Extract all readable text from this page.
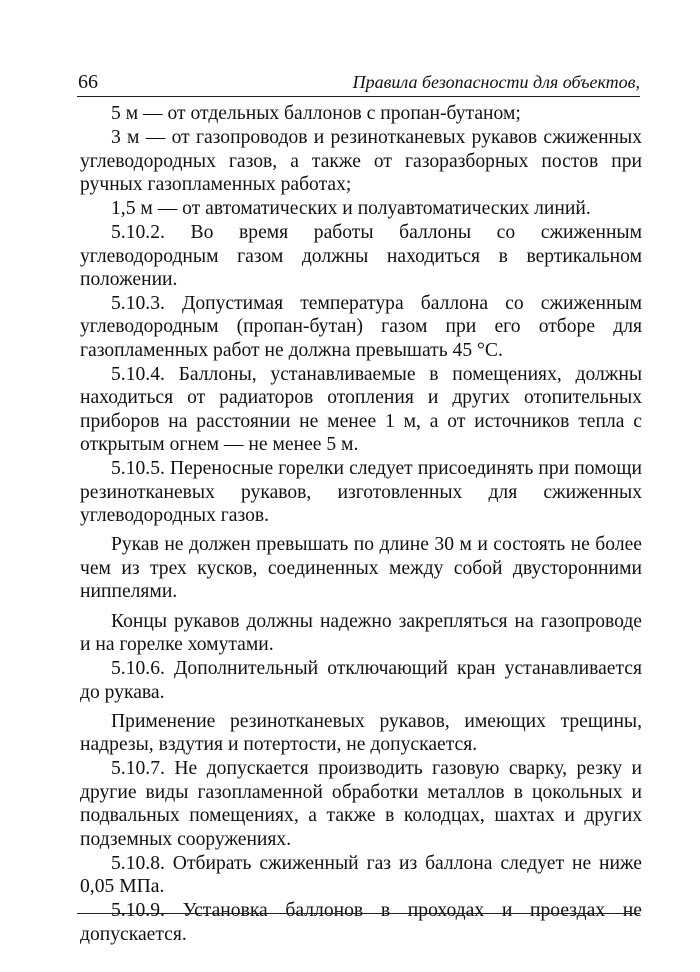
66	Правила безопасности для объектов,

5 м — от отдельных баллонов с пропан-бутаном;

3 м — от газопроводов и резинотканевых рукавов сжиженных углеводородных газов, а также от газоразборных постов при ручных газопламенных работах;

1,5 м — от автоматических и полуавтоматических линий.

5.10.2. Во время работы баллоны со сжиженным углеводородным газом должны находиться в вертикальном положении.

5.10.3. Допустимая температура баллона со сжиженным углеводородным (пропан-бутан) газом при его отборе для газопламенных работ не должна превышать 45 °С.

5.10.4. Баллоны, устанавливаемые в помещениях, должны находиться от радиаторов отопления и других отопительных приборов на расстоянии не менее 1 м, а от источников тепла с открытым огнем — не менее 5 м.

5.10.5. Переносные горелки следует присоединять при помощи резинотканевых рукавов, изготовленных для сжиженных углеводородных газов.

Рукав не должен превышать по длине 30 м и состоять не более чем из трех кусков, соединенных между собой двусторонними ниппелями.

Концы рукавов должны надежно закрепляться на газопроводе и на горелке хомутами.

5.10.6. Дополнительный отключающий кран устанавливается до рукава.

Применение резинотканевых рукавов, имеющих трещины, надрезы, вздутия и потертости, не допускается.

5.10.7. Не допускается производить газовую сварку, резку и другие виды газопламенной обработки металлов в цокольных и подвальных помещениях, а также в колодцах, шахтах и других подземных сооружениях.

5.10.8. Отбирать сжиженный газ из баллона следует не ниже 0,05 МПа.

5.10.9. Установка баллонов в проходах и проездах не допускается.
